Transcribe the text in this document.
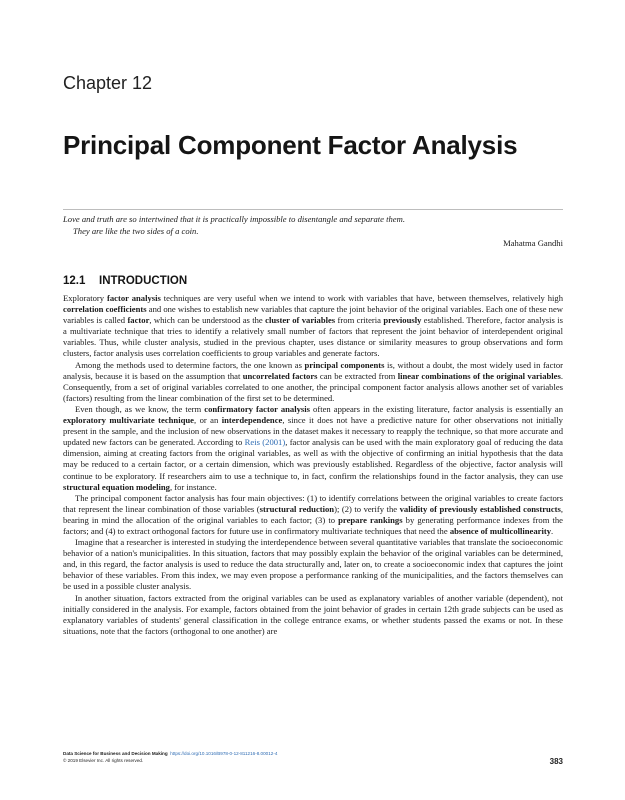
Chapter 12
Principal Component Factor Analysis

Love and truth are so intertwined that it is practically impossible to disentangle and separate them.

They are like the two sides of a coin.

Mahatma Gandhi

12.1 INTRODUCTION

Exploratory factor analysis techniques are very useful when we intend to work with variables that have, between themselves, relatively high correlation coefficients and one wishes to establish new variables that capture the joint behavior of the original variables. Each one of these new variables is called factor, which can be understood as the cluster of variables from criteria previously established. Therefore, factor analysis is a multivariate technique that tries to identify a relatively small number of factors that represent the joint behavior of interdependent original variables. Thus, while cluster analysis, studied in the previous chapter, uses distance or similarity measures to group observations and form clusters, factor analysis uses correlation coefficients to group variables and generate factors.

Among the methods used to determine factors, the one known as principal components is, without a doubt, the most widely used in factor analysis, because it is based on the assumption that uncorrelated factors can be extracted from linear combinations of the original variables. Consequently, from a set of original variables correlated to one another, the principal component factor analysis allows another set of variables (factors) resulting from the linear combination of the first set to be determined.

Even though, as we know, the term confirmatory factor analysis often appears in the existing literature, factor analysis is essentially an exploratory multivariate technique, or an interdependence, since it does not have a predictive nature for other observations not initially present in the sample, and the inclusion of new observations in the dataset makes it necessary to reapply the technique, so that more accurate and updated new factors can be generated. According to Reis (2001), factor analysis can be used with the main exploratory goal of reducing the data dimension, aiming at creating factors from the original variables, as well as with the objective of confirming an initial hypothesis that the data may be reduced to a certain factor, or a certain dimension, which was previously established. Regardless of the objective, factor analysis will continue to be exploratory. If researchers aim to use a technique to, in fact, confirm the relationships found in the factor analysis, they can use structural equation modeling, for instance.

The principal component factor analysis has four main objectives: (1) to identify correlations between the original variables to create factors that represent the linear combination of those variables (structural reduction); (2) to verify the validity of previously established constructs, bearing in mind the allocation of the original variables to each factor; (3) to prepare rankings by generating performance indexes from the factors; and (4) to extract orthogonal factors for future use in confirmatory multivariate techniques that need the absence of multicollinearity.

Imagine that a researcher is interested in studying the interdependence between several quantitative variables that translate the socioeconomic behavior of a nation's municipalities. In this situation, factors that may possibly explain the behavior of the original variables can be determined, and, in this regard, the factor analysis is used to reduce the data structurally and, later on, to create a socioeconomic index that captures the joint behavior of these variables. From this index, we may even propose a performance ranking of the municipalities, and the factors themselves can be used in a possible cluster analysis.

In another situation, factors extracted from the original variables can be used as explanatory variables of another variable (dependent), not initially considered in the analysis. For example, factors obtained from the joint behavior of grades in certain 12th grade subjects can be used as explanatory variables of students' general classification in the college entrance exams, or whether students passed the exams or not. In these situations, note that the factors (orthogonal to one another) are

Data Science for Business and Decision Making https://doi.org/10.1016/B978-0-12-811216-8.00012-4
© 2019 Elsevier Inc. All rights reserved.	383
